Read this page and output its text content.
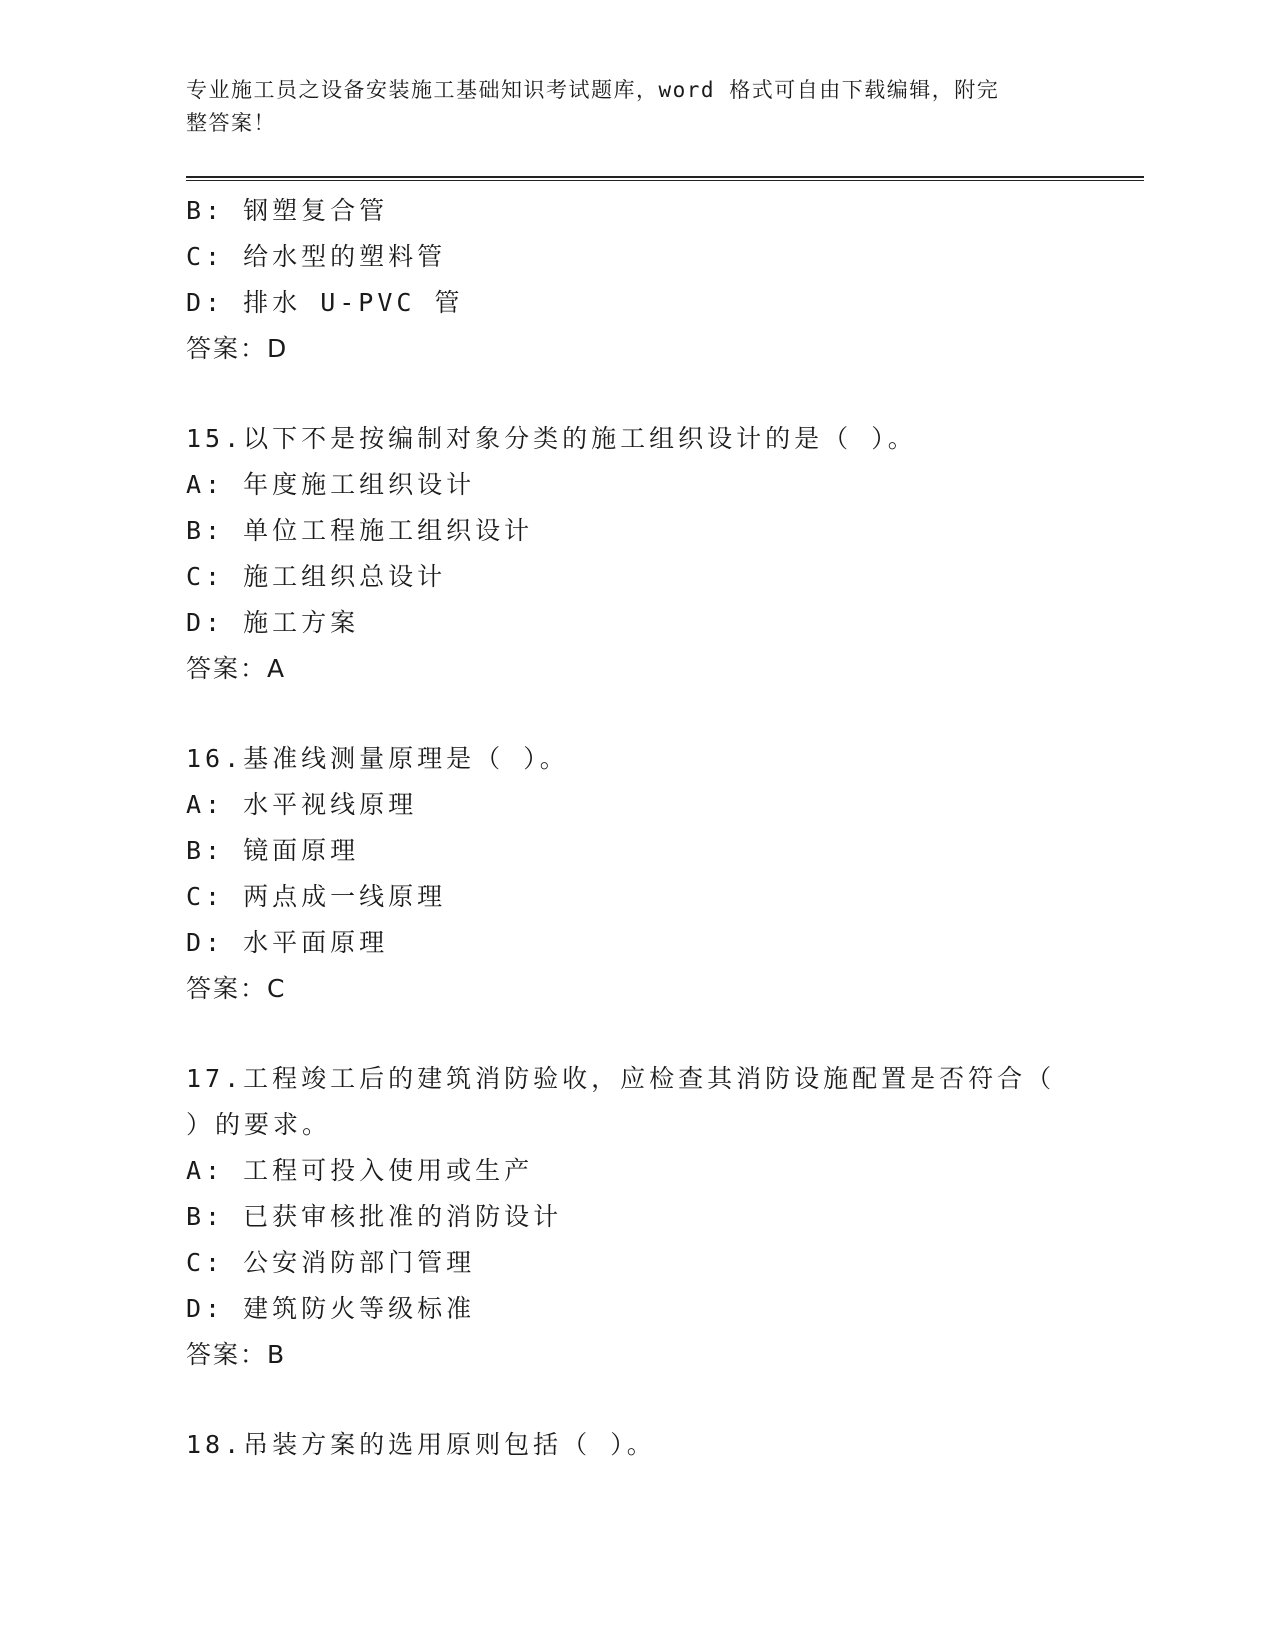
专业施工员之设备安装施工基础知识考试题库，word 格式可自由下载编辑，附完
整答案！
B: 钢塑复合管
C: 给水型的塑料管
D: 排水 U-PVC 管
答案：D
15.以下不是按编制对象分类的施工组织设计的是（ ）。
A: 年度施工组织设计
B: 单位工程施工组织设计
C: 施工组织总设计
D: 施工方案
答案：A
16.基准线测量原理是（ ）。
A: 水平视线原理
B: 镜面原理
C: 两点成一线原理
D: 水平面原理
答案：C
17.工程竣工后的建筑消防验收，应检查其消防设施配置是否符合（
）的要求。
A: 工程可投入使用或生产
B: 已获审核批准的消防设计
C: 公安消防部门管理
D: 建筑防火等级标准
答案：B
18.吊装方案的选用原则包括（ ）。
